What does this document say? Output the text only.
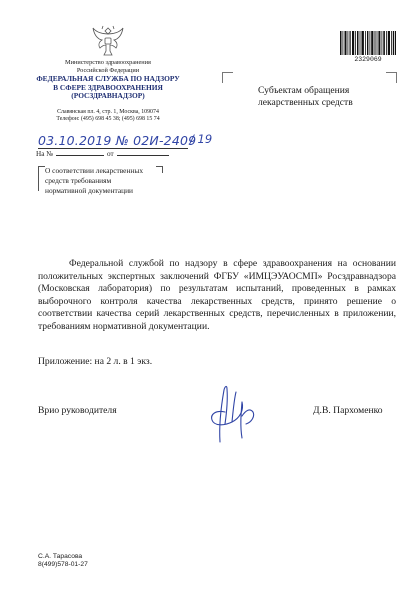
Министерство здравоохранения
Российской Федерации
ФЕДЕРАЛЬНАЯ СЛУЖБА ПО НАДЗОРУ
В СФЕРЕ ЗДРАВООХРАНЕНИЯ
(РОСЗДРАВНАДЗОР)
Славянская пл. 4, стр. 1, Москва, 109074
Телефон: (495) 698 45 38; (495) 698 15 74
2329069
Субъектам обращения
лекарственных средств
03.10.2019 № 02И-2409
/ 19
На №	от
О соответствии лекарственных
средств требованиям
нормативной документации
Федеральной службой по надзору в сфере здравоохранения на основании положительных экспертных заключений ФГБУ «ИМЦЭУАОСМП» Росздравнадзора (Московская лаборатория) по результатам испытаний, проведенных в рамках выборочного контроля качества лекарственных средств, принято решение о соответствии качества серий лекарственных средств, перечисленных в приложении, требованиям нормативной документации.
Приложение: на 2 л. в 1 экз.
Врио руководителя	Д.В. Пархоменко
С.А. Тарасова
8(499)578-01-27
